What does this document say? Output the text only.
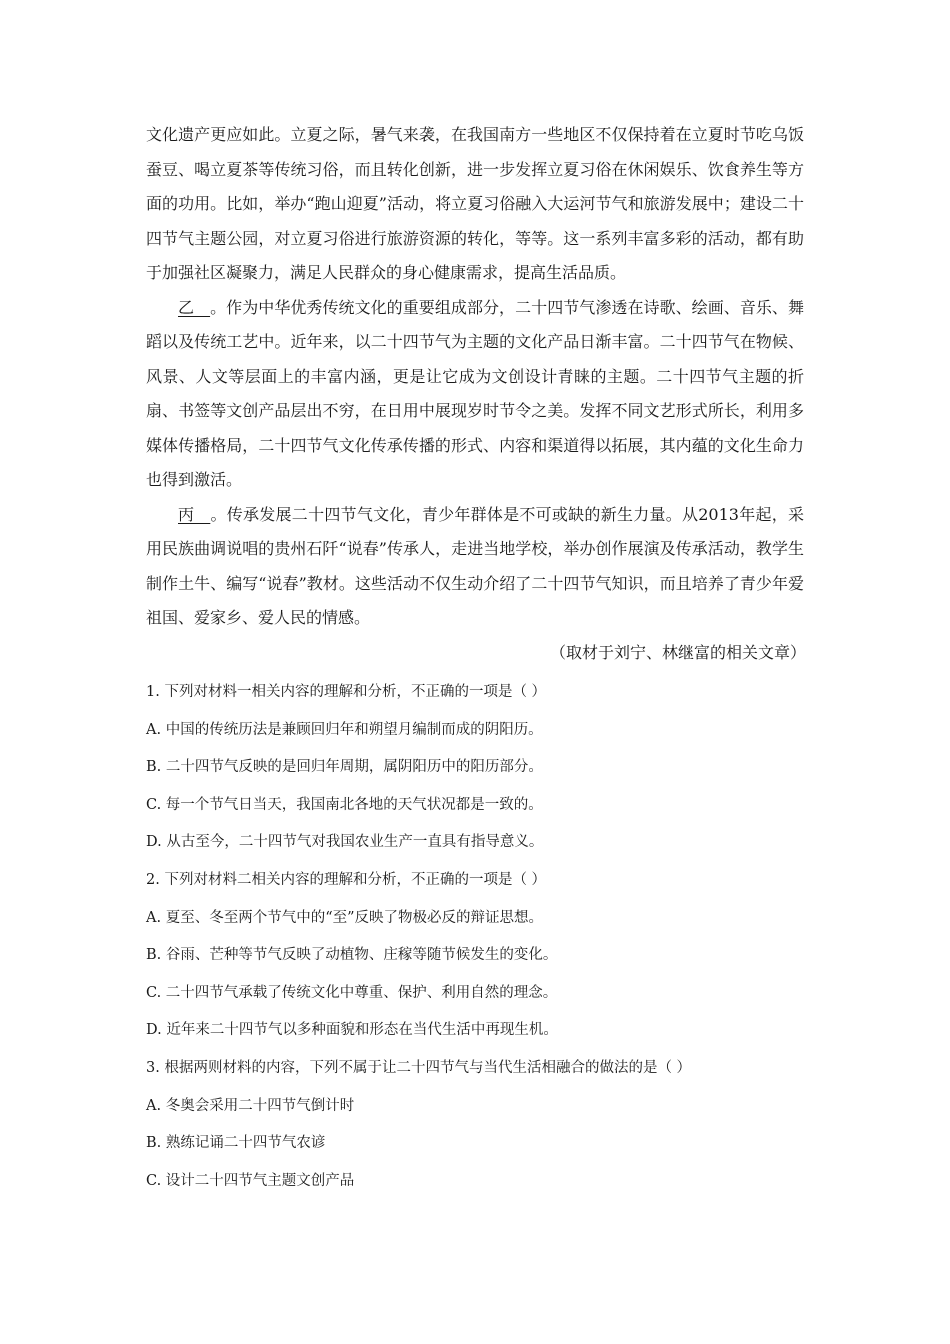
文化遗产更应如此。立夏之际，暑气来袭，在我国南方一些地区不仅保持着在立夏时节吃乌饭蚕豆、喝立夏茶等传统习俗，而且转化创新，进一步发挥立夏习俗在休闲娱乐、饮食养生等方面的功用。比如，举办“跑山迎夏”活动，将立夏习俗融入大运河节气和旅游发展中；建设二十四节气主题公园，对立夏习俗进行旅游资源的转化，等等。这一系列丰富多彩的活动，都有助于加强社区凝聚力，满足人民群众的身心健康需求，提高生活品质。

乙__。作为中华优秀传统文化的重要组成部分，二十四节气渗透在诗歌、绘画、音乐、舞蹈以及传统工艺中。近年来，以二十四节气为主题的文化产品日渐丰富。二十四节气在物候、风景、人文等层面上的丰富内涵，更是让它成为文创设计青睐的主题。二十四节气主题的折扇、书签等文创产品层出不穷，在日用中展现岁时节令之美。发挥不同文艺形式所长，利用多媒体传播格局，二十四节气文化传承传播的形式、内容和渠道得以拓展，其内蕴的文化生命力也得到激活。

丙__。传承发展二十四节气文化，青少年群体是不可或缺的新生力量。从2013年起，采用民族曲调说唱的贵州石阡“说春”传承人，走进当地学校，举办创作展演及传承活动，教学生制作土牛、编写“说春”教材。这些活动不仅生动介绍了二十四节气知识，而且培养了青少年爱祖国、爱家乡、爱人民的情感。

（取材于刘宁、林继富的相关文章）

1. 下列对材料一相关内容的理解和分析，不正确的一项是（ ）

A. 中国的传统历法是兼顾回归年和朔望月编制而成的阴阳历。

B. 二十四节气反映的是回归年周期，属阴阳历中的阳历部分。

C. 每一个节气日当天，我国南北各地的天气状况都是一致的。

D. 从古至今，二十四节气对我国农业生产一直具有指导意义。

2. 下列对材料二相关内容的理解和分析，不正确的一项是（ ）

A. 夏至、冬至两个节气中的“至”反映了物极必反的辩证思想。

B. 谷雨、芒种等节气反映了动植物、庄稼等随节候发生的变化。

C. 二十四节气承载了传统文化中尊重、保护、利用自然的理念。

D. 近年来二十四节气以多种面貌和形态在当代生活中再现生机。

3. 根据两则材料的内容，下列不属于让二十四节气与当代生活相融合的做法的是（ ）

A. 冬奥会采用二十四节气倒计时

B. 熟练记诵二十四节气农谚

C. 设计二十四节气主题文创产品
